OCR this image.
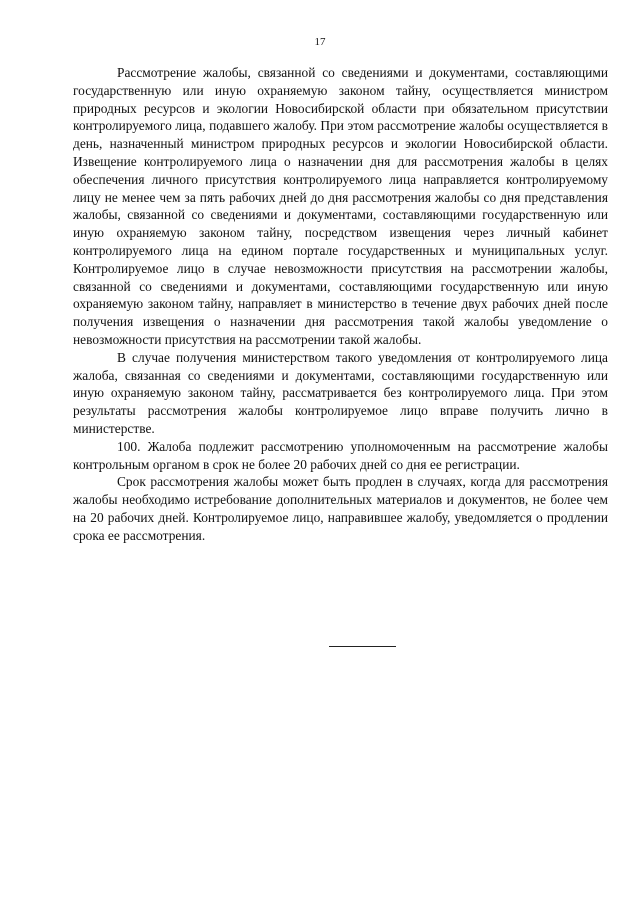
17

Рассмотрение жалобы, связанной со сведениями и документами, составляющими государственную или иную охраняемую законом тайну, осуществляется министром природных ресурсов и экологии Новосибирской области при обязательном присутствии контролируемого лица, подавшего жалобу. При этом рассмотрение жалобы осуществляется в день, назначенный министром природных ресурсов и экологии Новосибирской области. Извещение контролируемого лица о назначении дня для рассмотрения жалобы в целях обеспечения личного присутствия контролируемого лица направляется контролируемому лицу не менее чем за пять рабочих дней до дня рассмотрения жалобы со дня представления жалобы, связанной со сведениями и документами, составляющими государственную или иную охраняемую законом тайну, посредством извещения через личный кабинет контролируемого лица на едином портале государственных и муниципальных услуг. Контролируемое лицо в случае невозможности присутствия на рассмотрении жалобы, связанной со сведениями и документами, составляющими государственную или иную охраняемую законом тайну, направляет в министерство в течение двух рабочих дней после получения извещения о назначении дня рассмотрения такой жалобы уведомление о невозможности присутствия на рассмотрении такой жалобы.

В случае получения министерством такого уведомления от контролируемого лица жалоба, связанная со сведениями и документами, составляющими государственную или иную охраняемую законом тайну, рассматривается без контролируемого лица. При этом результаты рассмотрения жалобы контролируемое лицо вправе получить лично в министерстве.

100. Жалоба подлежит рассмотрению уполномоченным на рассмотрение жалобы контрольным органом в срок не более 20 рабочих дней со дня ее регистрации.

Срок рассмотрения жалобы может быть продлен в случаях, когда для рассмотрения жалобы необходимо истребование дополнительных материалов и документов, не более чем на 20 рабочих дней. Контролируемое лицо, направившее жалобу, уведомляется о продлении срока ее рассмотрения.
